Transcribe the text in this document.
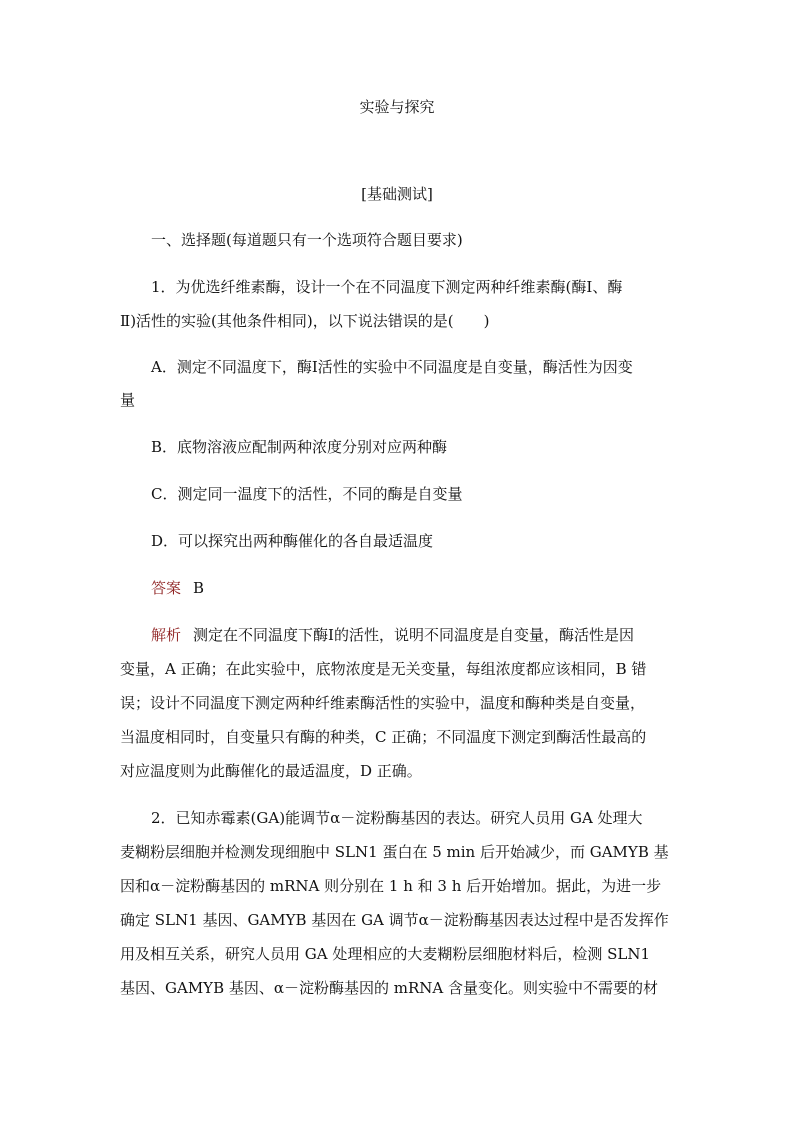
实验与探究
[基础测试]
一、选择题(每道题只有一个选项符合题目要求)
1．为优选纤维素酶，设计一个在不同温度下测定两种纤维素酶(酶Ⅰ、酶
Ⅱ)活性的实验(其他条件相同)，以下说法错误的是(　　)
A．测定不同温度下，酶Ⅰ活性的实验中不同温度是自变量，酶活性为因变
量
B．底物溶液应配制两种浓度分别对应两种酶
C．测定同一温度下的活性，不同的酶是自变量
D．可以探究出两种酶催化的各自最适温度
答案 B
解析 测定在不同温度下酶Ⅰ的活性，说明不同温度是自变量，酶活性是因
变量，A 正确；在此实验中，底物浓度是无关变量，每组浓度都应该相同，B 错
误；设计不同温度下测定两种纤维素酶活性的实验中，温度和酶种类是自变量，
当温度相同时，自变量只有酶的种类，C 正确；不同温度下测定到酶活性最高的
对应温度则为此酶催化的最适温度，D 正确。
2．已知赤霉素(GA)能调节α－淀粉酶基因的表达。研究人员用 GA 处理大
麦糊粉层细胞并检测发现细胞中 SLN1 蛋白在 5 min 后开始减少，而 GAMYB 基
因和α－淀粉酶基因的 mRNA 则分别在 1 h 和 3 h 后开始增加。据此，为进一步
确定 SLN1 基因、GAMYB 基因在 GA 调节α－淀粉酶基因表达过程中是否发挥作
用及相互关系，研究人员用 GA 处理相应的大麦糊粉层细胞材料后，检测 SLN1
基因、GAMYB 基因、α－淀粉酶基因的 mRNA 含量变化。则实验中不需要的材
